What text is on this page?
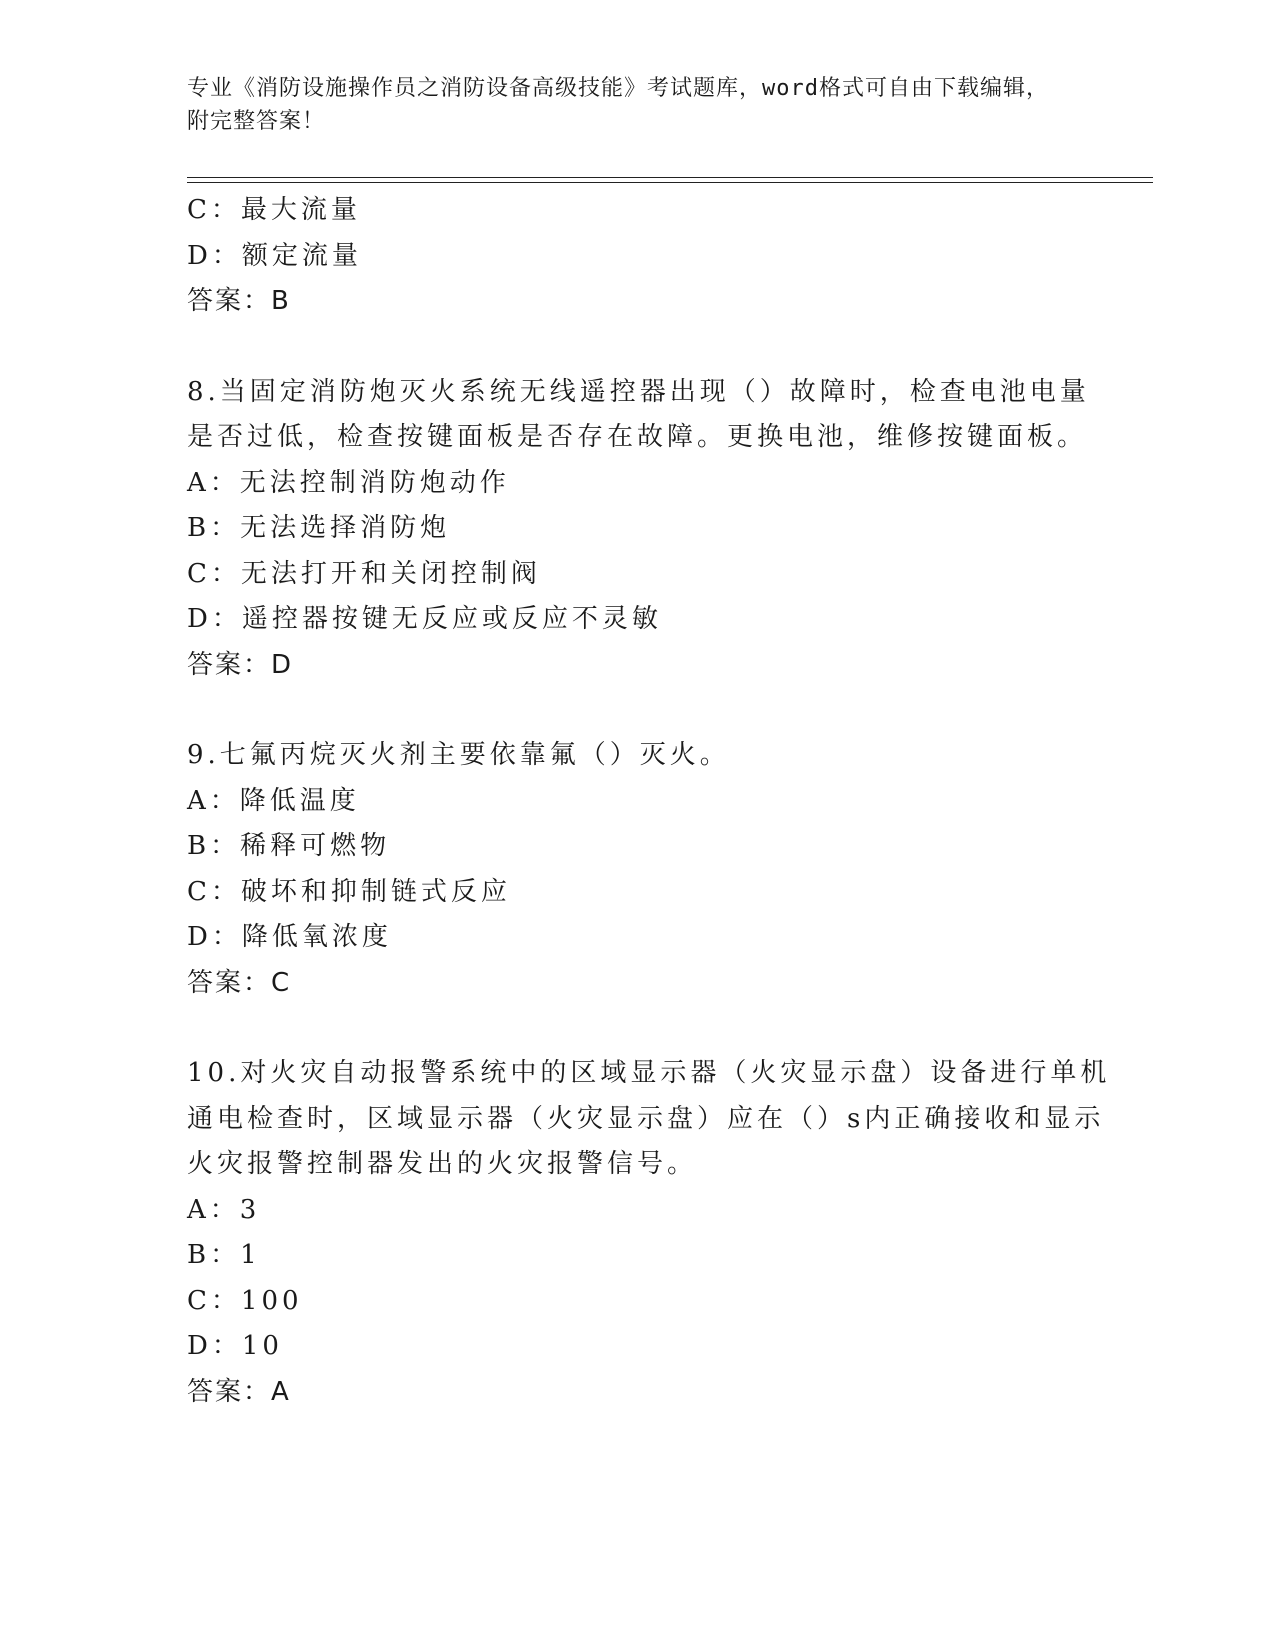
专业《消防设施操作员之消防设备高级技能》考试题库，word格式可自由下载编辑，附完整答案！
C：最大流量
D：额定流量
答案：B
8.当固定消防炮灭火系统无线遥控器出现（）故障时，检查电池电量
是否过低，检查按键面板是否存在故障。更换电池，维修按键面板。
A：无法控制消防炮动作
B：无法选择消防炮
C：无法打开和关闭控制阀
D：遥控器按键无反应或反应不灵敏
答案：D
9.七氟丙烷灭火剂主要依靠氟（）灭火。
A：降低温度
B：稀释可燃物
C：破坏和抑制链式反应
D：降低氧浓度
答案：C
10.对火灾自动报警系统中的区域显示器（火灾显示盘）设备进行单机
通电检查时，区域显示器（火灾显示盘）应在（）s内正确接收和显示
火灾报警控制器发出的火灾报警信号。
A：3
B：1
C：100
D：10
答案：A
